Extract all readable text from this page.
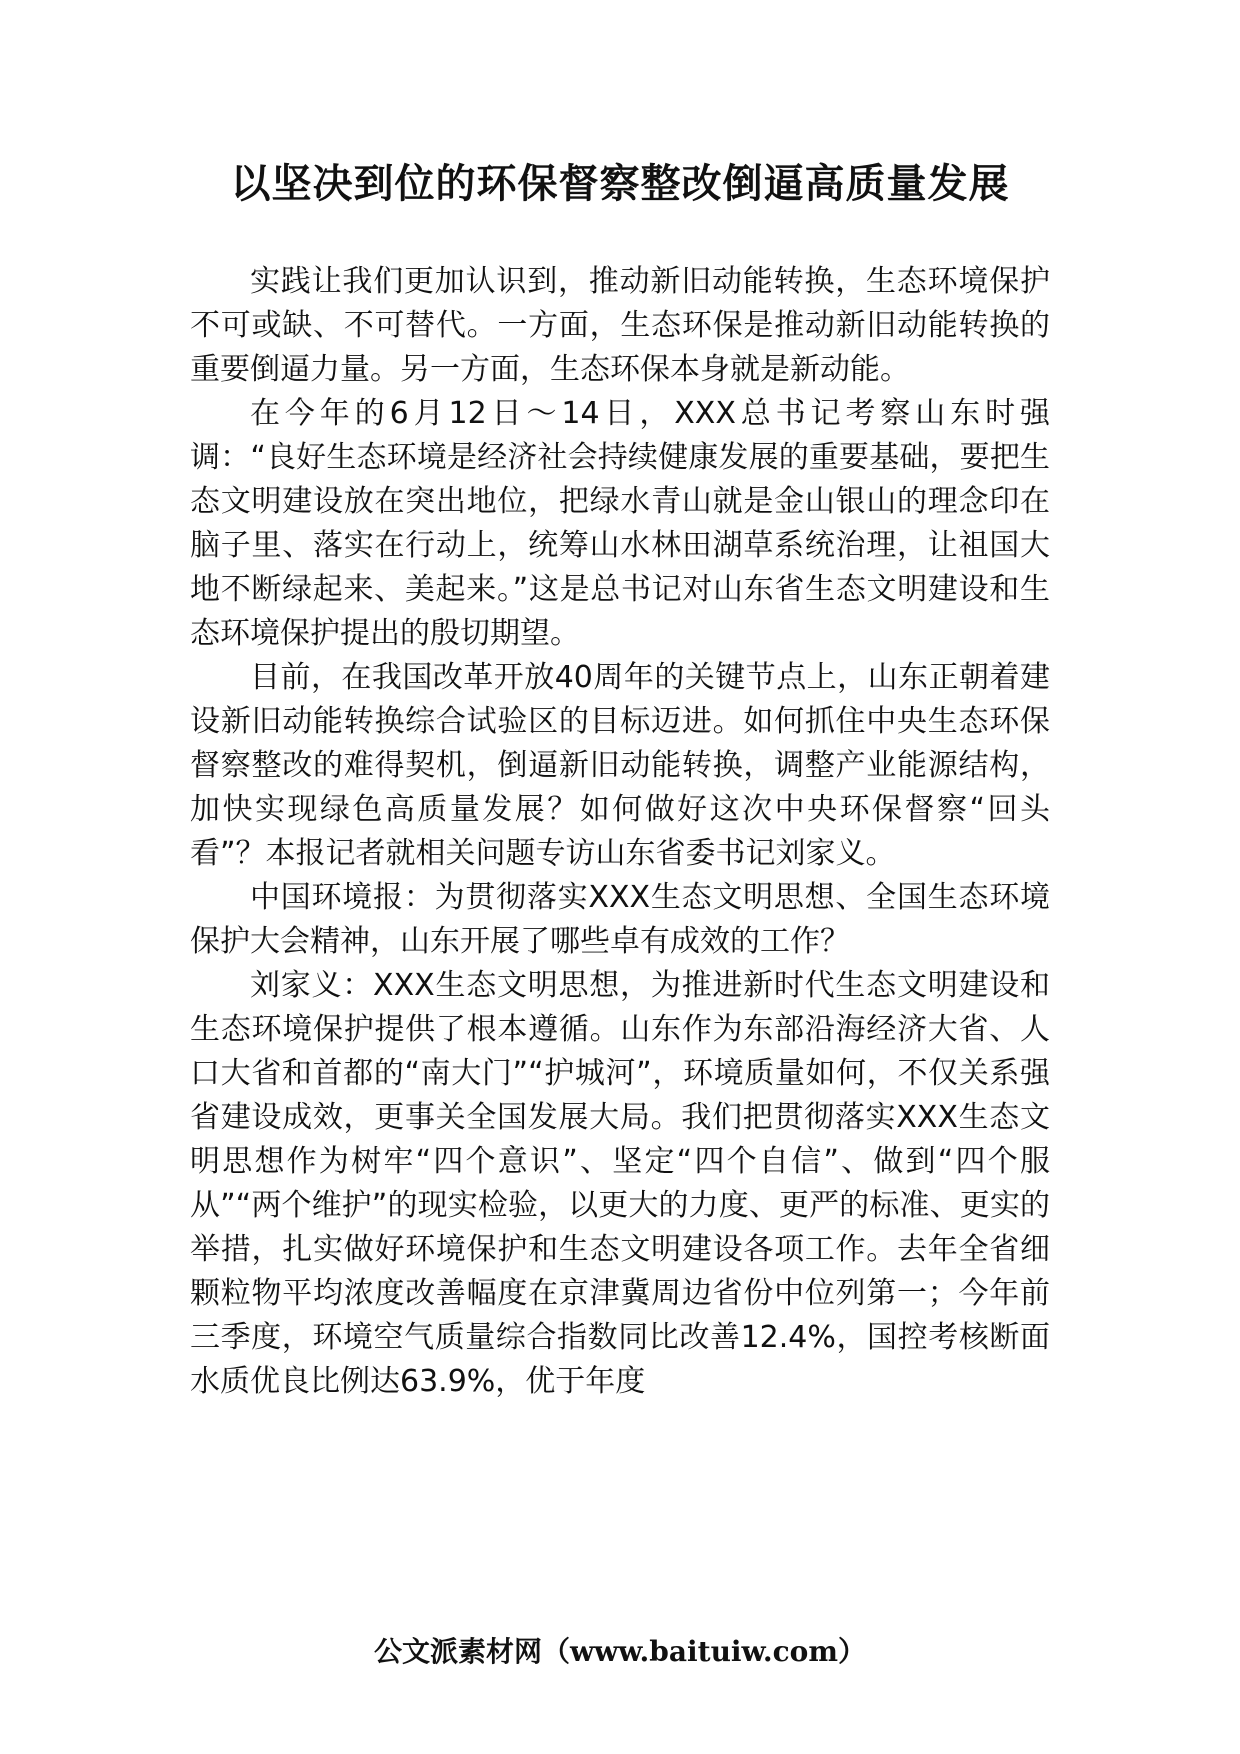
以坚决到位的环保督察整改倒逼高质量发展

实践让我们更加认识到，推动新旧动能转换，生态环境保护不可或缺、不可替代。一方面，生态环保是推动新旧动能转换的重要倒逼力量。另一方面，生态环保本身就是新动能。

在今年的6月12日～14日，XXX总书记考察山东时强调：“良好生态环境是经济社会持续健康发展的重要基础，要把生态文明建设放在突出地位，把绿水青山就是金山银山的理念印在脑子里、落实在行动上，统筹山水林田湖草系统治理，让祖国大地不断绿起来、美起来。”这是总书记对山东省生态文明建设和生态环境保护提出的殷切期望。

目前，在我国改革开放40周年的关键节点上，山东正朝着建设新旧动能转换综合试验区的目标迈进。如何抓住中央生态环保督察整改的难得契机，倒逼新旧动能转换，调整产业能源结构，加快实现绿色高质量发展？如何做好这次中央环保督察“回头看”？本报记者就相关问题专访山东省委书记刘家义。

中国环境报：为贯彻落实XXX生态文明思想、全国生态环境保护大会精神，山东开展了哪些卓有成效的工作？

刘家义：XXX生态文明思想，为推进新时代生态文明建设和生态环境保护提供了根本遵循。山东作为东部沿海经济大省、人口大省和首都的“南大门”“护城河”，环境质量如何，不仅关系强省建设成效，更事关全国发展大局。我们把贯彻落实XXX生态文明思想作为树牢“四个意识”、坚定“四个自信”、做到“四个服从”“两个维护”的现实检验，以更大的力度、更严的标准、更实的举措，扎实做好环境保护和生态文明建设各项工作。去年全省细颗粒物平均浓度改善幅度在京津冀周边省份中位列第一；今年前三季度，环境空气质量综合指数同比改善12.4%，国控考核断面水质优良比例达63.9%，优于年度

公文派素材网（www.baituiw.com）
